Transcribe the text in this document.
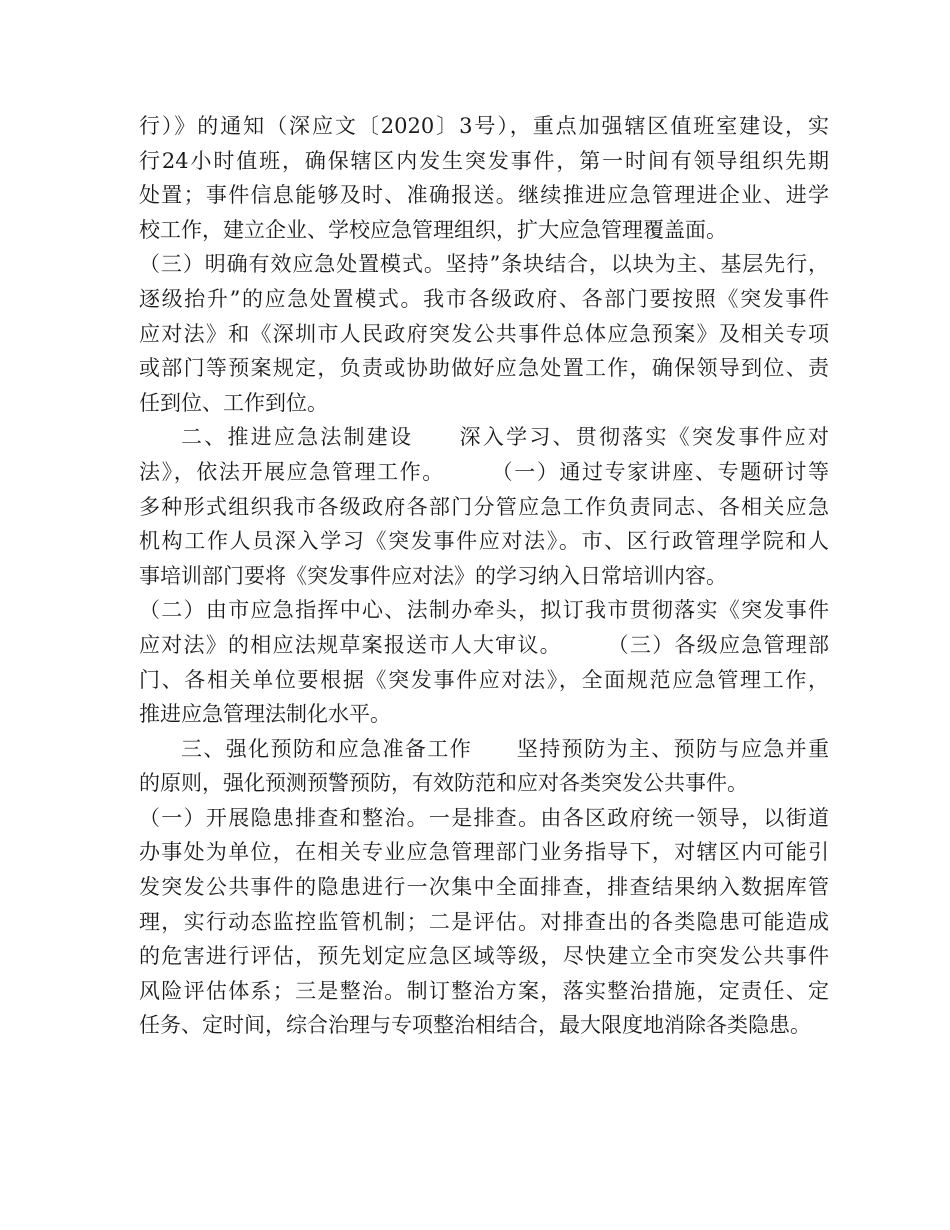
行）》的通知（深应文〔2020〕3号），重点加强辖区值班室建设，实
行24小时值班，确保辖区内发生突发事件，第一时间有领导组织先期
处置；事件信息能够及时、准确报送。继续推进应急管理进企业、进学
校工作，建立企业、学校应急管理组织，扩大应急管理覆盖面。
（三）明确有效应急处置模式。坚持”条块结合，以块为主、基层先行，
逐级抬升”的应急处置模式。我市各级政府、各部门要按照《突发事件
应对法》和《深圳市人民政府突发公共事件总体应急预案》及相关专项
或部门等预案规定，负责或协助做好应急处置工作，确保领导到位、责
任到位、工作到位。
二、推进应急法制建设　　深入学习、贯彻落实《突发事件应对
法》，依法开展应急管理工作。　　　（一）通过专家讲座、专题研讨等
多种形式组织我市各级政府各部门分管应急工作负责同志、各相关应急
机构工作人员深入学习《突发事件应对法》。市、区行政管理学院和人
事培训部门要将《突发事件应对法》的学习纳入日常培训内容。
（二）由市应急指挥中心、法制办牵头，拟订我市贯彻落实《突发事件
应对法》的相应法规草案报送市人大审议。　　　（三）各级应急管理部
门、各相关单位要根据《突发事件应对法》，全面规范应急管理工作，
推进应急管理法制化水平。
三、强化预防和应急准备工作　　坚持预防为主、预防与应急并重
的原则，强化预测预警预防，有效防范和应对各类突发公共事件。
（一）开展隐患排查和整治。一是排查。由各区政府统一领导，以街道
办事处为单位，在相关专业应急管理部门业务指导下，对辖区内可能引
发突发公共事件的隐患进行一次集中全面排查，排查结果纳入数据库管
理，实行动态监控监管机制；二是评估。对排查出的各类隐患可能造成
的危害进行评估，预先划定应急区域等级，尽快建立全市突发公共事件
风险评估体系；三是整治。制订整治方案，落实整治措施，定责任、定
任务、定时间，综合治理与专项整治相结合，最大限度地消除各类隐患。
